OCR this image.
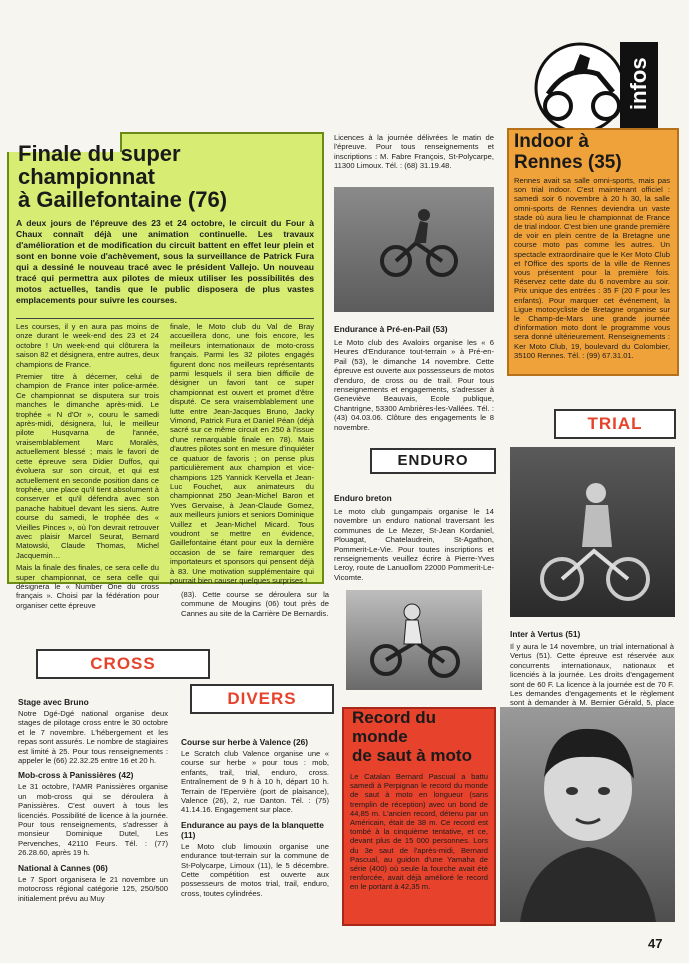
infos
Finale du super
championnat
à Gaillefontaine (76)
A deux jours de l'épreuve des 23 et 24 octobre, le circuit du Four à Chaux connaît déjà une animation continuelle. Les travaux d'amélioration et de modification du circuit battent en effet leur plein et sont en bonne voie d'achèvement, sous la surveillance de Patrick Fura qui a dessiné le nouveau tracé avec le président Vallejo. Un nouveau tracé qui permettra aux pilotes de mieux utiliser les possibilités des motos actuelles, tandis que le public disposera de plus vastes emplacements pour suivre les courses.

Les courses, il y en aura pas moins de onze durant le week-end des 23 et 24 octobre ! Un week-end qui clôturera la saison 82 et désignera, entre autres, deux champions de France.

Premier titre à décerner, celui de champion de France inter police-armée. Ce championnat se disputera sur trois manches le dimanche après-midi. Le trophée « N d'Or », couru le samedi après-midi, désignera, lui, le meilleur pilote Husqvarna de l'année, vraisemblablement Marc Moralès, actuellement blessé ; mais le favori de cette épreuve sera Didier Duffos, qui évoluera sur son circuit, et qui est actuellement en seconde position dans ce trophée, une place qu'il tient absolument à conserver et qu'il défendra avec son panache habituel devant les siens. Autre course du samedi, le trophée des « Vieilles Pinces », où l'on devrait retrouver avec plaisir Marcel Seurat, Bernard Matowski, Claude Thomas, Michel Jacquemin…

Mais la finale des finales, ce sera celle du super championnat, ce sera celle qui désignera le « Number One du cross français ». Choisi par la fédération pour organiser cette épreuve

finale, le Moto club du Val de Bray accueillera donc, une fois encore, les meilleurs internationaux de moto-cross français. Parmi les 32 pilotes engagés figurent donc nos meilleurs représentants parmi lesquels il sera bien difficile de désigner un favori tant ce super championnat est ouvert et promet d'être disputé. Ce sera vraisemblablement une lutte entre Jean-Jacques Bruno, Jacky Vimond, Patrick Fura et Daniel Péan (déjà sacré sur ce même circuit en 250 à l'issue d'une remarquable finale en 78). Mais d'autres pilotes sont en mesure d'inquiéter ce quatuor de favoris ; on pense plus particulièrement aux champion et vice-champions 125 Yannick Kervella et Jean-Luc Fouchet, aux animateurs du championnat 250 Jean-Michel Baron et Yves Gervaise, à Jean-Claude Gomez, aux meilleurs juniors et seniors Dominique Vuillez et Jean-Michel Micard. Tous voudront se mettre en évidence, Gaillefontaine étant pour eux la dernière occasion de se faire remarquer des importateurs et sponsors qui pensent déjà à 83. Une motivation supplémentaire qui pourrait bien causer quelques surprises !

Licences à la journée délivrées le matin de l'épreuve. Pour tous renseignements et inscriptions : M. Fabre François, St-Polycarpe, 11300 Limoux. Tél. : (68) 31.19.48.
Endurance à Pré-en-Pail (53)
Le Moto club des Avaloirs organise les « 6 Heures d'Endurance tout-terrain » à Pré-en-Pail (53), le dimanche 14 novembre. Cette épreuve est ouverte aux possesseurs de motos d'enduro, de cross ou de trail. Pour tous renseignements et engagements, s'adresser à Geneviève Beauvais, Ecole publique, Chantrigne, 53300 Ambrières-les-Vallées. Tél. : (43) 04.03.06. Clôture des engagements le 8 novembre.
ENDURO
Enduro breton
Le moto club gungampais organise le 14 novembre un enduro national traversant les communes de Le Mezer, St-Jean Kordaniel, Plouagat, Chatelaudrein, St-Agathon, Pommerit-Le-Vie. Pour toutes inscriptions et renseignements veuillez écrire à Pierre-Yves Leroy, route de Lanuollom 22000 Pommerit-Le-Vicomte.
Indoor à
Rennes (35)
Rennes avait sa salle omni-sports, mais pas son trial indoor. C'est maintenant officiel : samedi soir 6 novembre à 20 h 30, la salle omni-sports de Rennes deviendra un vaste stade où aura lieu le championnat de France de trial indoor. C'est bien une grande première de voir en plein centre de la Bretagne une course moto pas comme les autres. Un spectacle extraordinaire que le Ker Moto Club et l'Office des sports de la ville de Rennes vous présentent pour la première fois. Réservez cette date du 6 novembre au soir. Prix unique des entrées : 35 F (20 F pour les enfants). Pour marquer cet événement, la Ligue motocycliste de Bretagne organise sur le Champ-de-Mars une grande journée d'information moto dont le programme vous sera donné ultérieurement. Renseignements : Ker Moto Club, 19, boulevard du Colombier, 35100 Rennes. Tél. : (99) 67.31.01.
TRIAL
Inter à Vertus (51)
Il y aura le 14 novembre, un trial international à Vertus (51). Cette épreuve est réservée aux concurrents internationaux, nationaux et licenciés à la journée. Les droits d'engagement sont de 60 F. La licence à la journée est de 70 F. Les demandes d'engagements et le règlement sont à demander à M. Bernier Gérald, 5, place
CROSS
Stage avec Bruno
Notre Dgé-Dgé national organise deux stages de pilotage cross entre le 30 octobre et le 7 novembre. L'hébergement et les repas sont assurés. Le nombre de stagiaires est limité à 25. Pour tous renseignements : appeler le (66) 22.32.25 entre 16 et 20 h.
Mob-cross à Panissières (42)
Le 31 octobre, l'AMR Panissières organise un mob-cross qui se déroulera à Panissières. C'est ouvert à tous les licenciés. Possibilité de licence à la journée. Pour tous renseignements, s'adresser à monsieur Dominique Dutel, Les Pervenches, 42110 Feurs. Tél. : (77) 26.28.60, après 19 h.
National à Cannes (06)
Le 7 Sport organisera le 21 novembre un motocross régional catégorie 125, 250/500 initialement prévu au Muy
(83). Cette course se déroulera sur la commune de Mougins (06) tout près de Cannes au site de la Carrière De Bernardis.
DIVERS
Course sur herbe à Valence (26)
Le Scratch club Valence organise une « course sur herbe » pour tous : mob, enfants, trail, trial, enduro, cross. Entraînement de 9 h à 10 h, départ 10 h. Terrain de l'Epervière (port de plaisance), Valence (26), 2, rue Danton. Tél. : (75) 41.14.16. Engagement sur place.
Endurance au pays de la blanquette (11)
Le Moto club limouxin organise une endurance tout-terrain sur la commune de St-Polycarpe, Limoux (11), le 5 décembre. Cette compétition est ouverte aux possesseurs de motos trial, trail, enduro, cross, toutes cylindrées.
Record du
monde
de saut à moto
Le Catalan Bernard Pascual a battu samedi à Perpignan le record du monde de saut à moto en longueur (sans tremplin de réception) avec un bond de 44,85 m. L'ancien record, détenu par un Américain, était de 38 m. Ce record est tombé à la cinquième tentative, et ce, devant plus de 15 000 personnes. Lors du 3e saut de l'après-midi, Bernard Pascual, au guidon d'une Yamaha de série (400) où seule la fourche avait été renforcée, avait déjà amélioré le record en le portant à 42,35 m.
47
